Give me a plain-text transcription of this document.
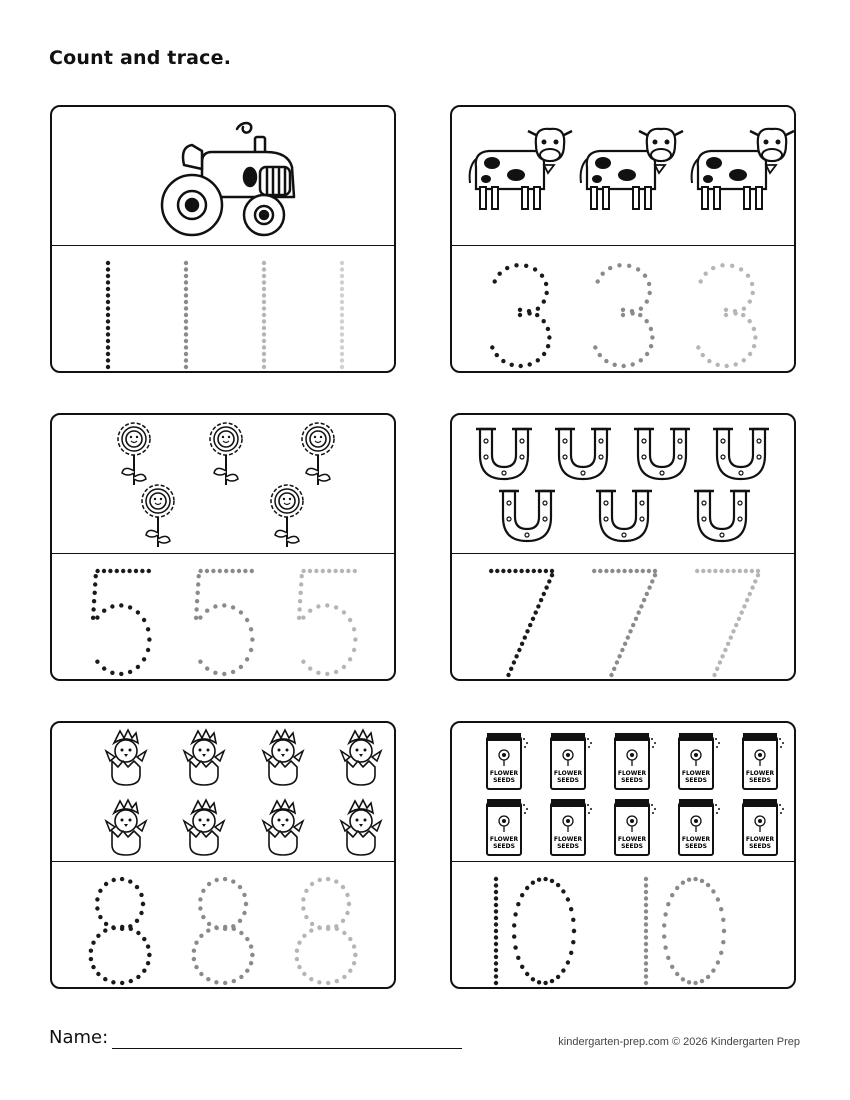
Count and trace.
FLOWER
SEEDS
FLOWER
SEEDS
FLOWER
SEEDS
FLOWER
SEEDS
FLOWER
SEEDS
FLOWER
SEEDS
FLOWER
SEEDS
FLOWER
SEEDS
FLOWER
SEEDS
FLOWER
SEEDS
Name:	kindergarten-prep.com © 2026 Kindergarten Prep
